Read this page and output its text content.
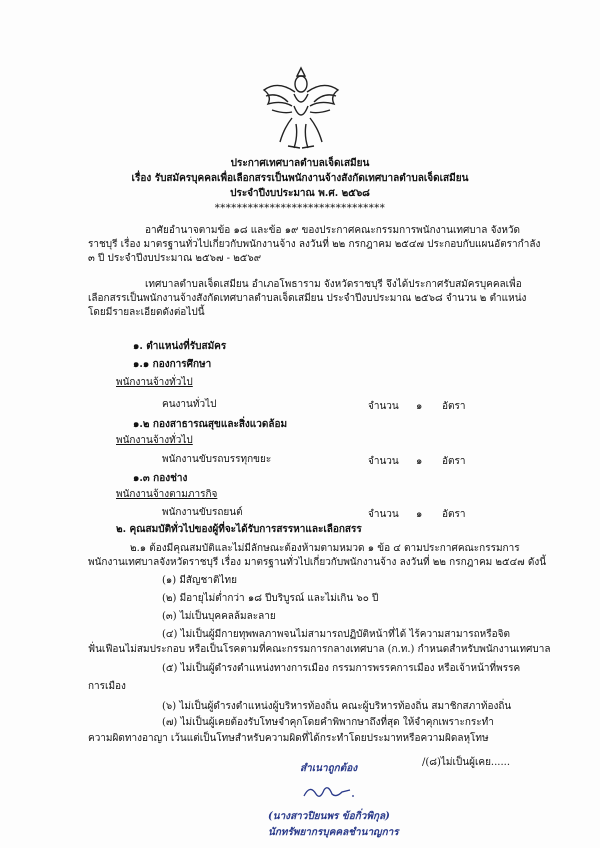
ประกาศเทศบาลตำบลเจ็ดเสมียน
เรื่อง รับสมัครบุคคลเพื่อเลือกสรรเป็นพนักงานจ้างสังกัดเทศบาลตำบลเจ็ดเสมียน
ประจำปีงบประมาณ พ.ศ. ๒๕๖๘
*******************************
อาศัยอำนาจตามข้อ ๑๘ และข้อ ๑๙ ของประกาศคณะกรรมการพนักงานเทศบาล จังหวัด
ราชบุรี เรื่อง มาตรฐานทั่วไปเกี่ยวกับพนักงานจ้าง ลงวันที่ ๒๒ กรกฎาคม ๒๕๔๗ ประกอบกับแผนอัตรากำลัง
๓ ปี ประจำปีงบประมาณ ๒๕๖๗ - ๒๕๖๙
เทศบาลตำบลเจ็ดเสมียน อำเภอโพธาราม จังหวัดราชบุรี จึงได้ประกาศรับสมัครบุคคลเพื่อ
เลือกสรรเป็นพนักงานจ้างสังกัดเทศบาลตำบลเจ็ดเสมียน ประจำปีงบประมาณ ๒๕๖๘ จำนวน ๒ ตำแหน่ง
โดยมีรายละเอียดดังต่อไปนี้
๑. ตำแหน่งที่รับสมัคร
๑.๑ กองการศึกษา
พนักงานจ้างทั่วไป
คนงานทั่วไป	จำนวน ๑ อัตรา
๑.๒ กองสาธารณสุขและสิ่งแวดล้อม
พนักงานจ้างทั่วไป
พนักงานขับรถบรรทุกขยะ	จำนวน ๑ อัตรา
๑.๓ กองช่าง
พนักงานจ้างตามภารกิจ
พนักงานขับรถยนต์	จำนวน ๑ อัตรา
๒. คุณสมบัติทั่วไปของผู้ที่จะได้รับการสรรหาและเลือกสรร
๒.๑ ต้องมีคุณสมบัติและไม่มีลักษณะต้องห้ามตามหมวด ๑ ข้อ ๔ ตามประกาศคณะกรรมการ
พนักงานเทศบาลจังหวัดราชบุรี เรื่อง มาตรฐานทั่วไปเกี่ยวกับพนักงานจ้าง ลงวันที่ ๒๒ กรกฎาคม ๒๕๔๗ ดังนี้
(๑) มีสัญชาติไทย
(๒) มีอายุไม่ต่ำกว่า ๑๘ ปีบริบูรณ์ และไม่เกิน ๖๐ ปี
(๓) ไม่เป็นบุคคลล้มละลาย
(๔) ไม่เป็นผู้มีกายทุพพลภาพจนไม่สามารถปฏิบัติหน้าที่ได้ ไร้ความสามารถหรือจิต
ฟั่นเฟือนไม่สมประกอบ หรือเป็นโรคตามที่คณะกรรมการกลางเทศบาล (ก.ท.) กำหนดสำหรับพนักงานเทศบาล
(๕) ไม่เป็นผู้ดำรงตำแหน่งทางการเมือง กรรมการพรรคการเมือง หรือเจ้าหน้าที่พรรค
การเมือง
(๖) ไม่เป็นผู้ดำรงตำแหน่งผู้บริหารท้องถิ่น คณะผู้บริหารท้องถิ่น สมาชิกสภาท้องถิ่น
(๗) ไม่เป็นผู้เคยต้องรับโทษจำคุกโดยคำพิพากษาถึงที่สุด ให้จำคุกเพราะกระทำ
ความผิดทางอาญา เว้นแต่เป็นโทษสำหรับความผิดที่ได้กระทำโดยประมาทหรือความผิดลหุโทษ
/(๘)ไม่เป็นผู้เคย......
สำเนาถูกต้อง
(นางสาวปิยนพร ข้อกิ่วพิกุล)
นักทรัพยากรบุคคลชำนาญการ
